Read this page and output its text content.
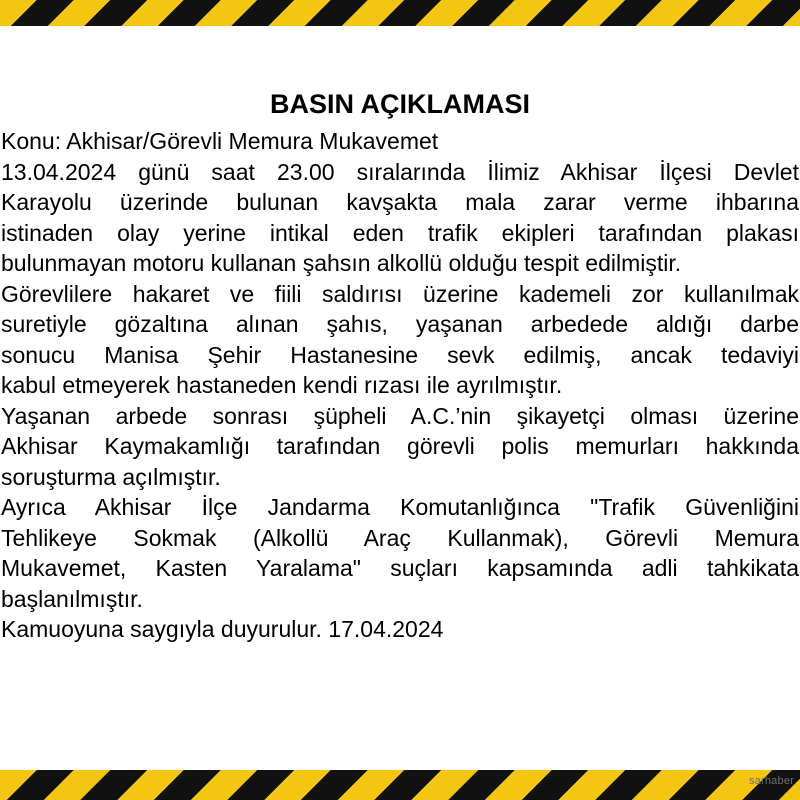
BASIN AÇIKLAMASI
Konu: Akhisar/Görevli Memura Mukavemet
13.04.2024 günü saat 23.00 sıralarında İlimiz Akhisar İlçesi Devlet
Karayolu üzerinde bulunan kavşakta mala zarar verme ihbarına
istinaden olay yerine intikal eden trafik ekipleri tarafından plakası
bulunmayan motoru kullanan şahsın alkollü olduğu tespit edilmiştir.
Görevlilere hakaret ve fiili saldırısı üzerine kademeli zor kullanılmak
suretiyle gözaltına alınan şahıs, yaşanan arbedede aldığı darbe
sonucu Manisa Şehir Hastanesine sevk edilmiş, ancak tedaviyi
kabul etmeyerek hastaneden kendi rızası ile ayrılmıştır.
Yaşanan arbede sonrası şüpheli A.C.’nin şikayetçi olması üzerine
Akhisar Kaymakamlığı tarafından görevli polis memurları hakkında
soruşturma açılmıştır.
Ayrıca Akhisar İlçe Jandarma Komutanlığınca "Trafik Güvenliğini
Tehlikeye Sokmak (Alkollü Araç Kullanmak), Görevli Memura
Mukavemet, Kasten Yaralama" suçları kapsamında adli tahkikata
başlanılmıştır.
Kamuoyuna saygıyla duyurulur. 17.04.2024
sarhaber
